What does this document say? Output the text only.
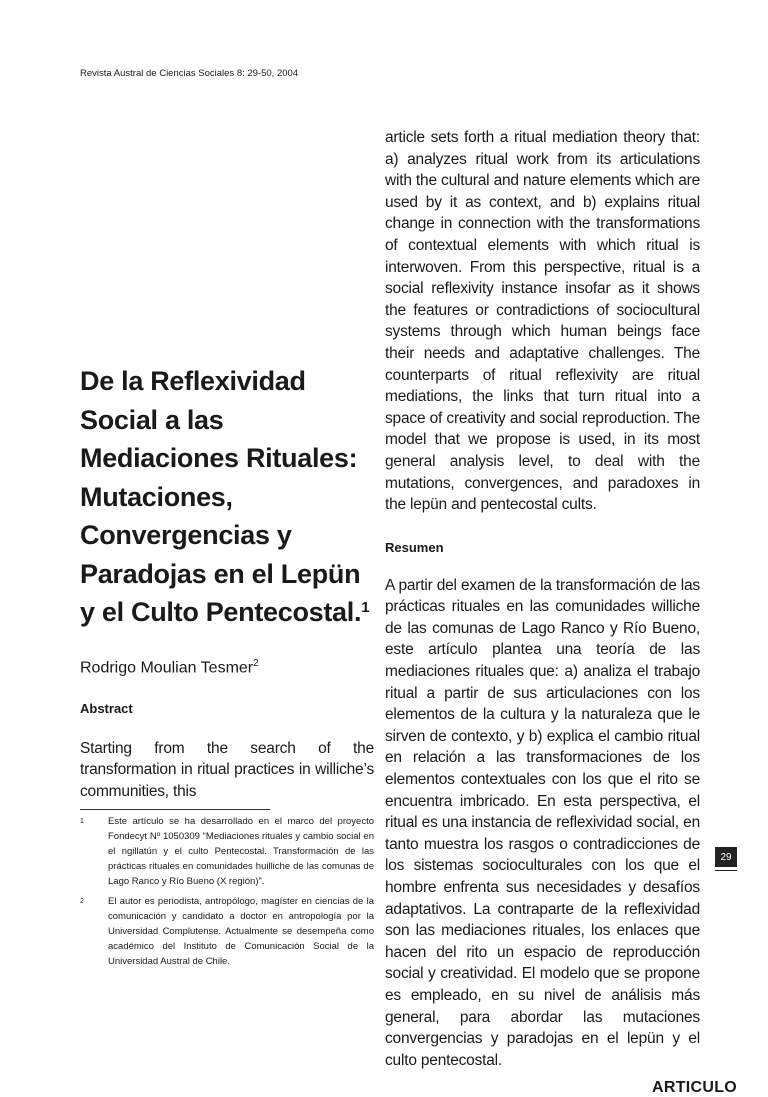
Revista Austral de Ciencias Sociales 8: 29-50, 2004
De la Reflexividad Social a las Mediaciones Rituales: Mutaciones, Convergencias y Paradojas en el Lepün y el Culto Pentecostal.$^1$
Rodrigo Moulian Tesmer$^2$
Abstract
Starting from the search of the transformation in ritual practices in williche’s communities, this
1	Este artículo se ha desarrollado en el marco del proyecto Fondecyt Nº 1050309 “Mediaciones rituales y cambio social en el ngillatún y el culto Pentecostal. Transformación de las prácticas rituales en comunidades huilliche de las comunas de Lago Ranco y Río Bueno (X región)”.
2	El autor es periodista, antropólogo, magíster en ciencias de la comunicación y candidato a doctor en antropología por la Universidad Complutense. Actualmente se desempeña como académico del Instituto de Comunicación Social de la Universidad Austral de Chile.
article sets forth a ritual mediation theory that: a) analyzes ritual work from its articulations with the cultural and nature elements which are used by it as context, and b) explains ritual change in connection with the transformations of contextual elements with which ritual is interwoven. From this perspective, ritual is a social reflexivity instance insofar as it shows the features or contradictions of sociocultural systems through which human beings face their needs and adaptative challenges. The counterparts of ritual reflexivity are ritual mediations, the links that turn ritual into a space of creativity and social reproduction. The model that we propose is used, in its most general analysis level, to deal with the mutations, convergences, and paradoxes in the lepün and pentecostal cults.
Resumen
A partir del examen de la transformación de las prácticas rituales en las comunidades williche de las comunas de Lago Ranco y Río Bueno, este artículo plantea una teoría de las mediaciones rituales que: a) analiza el trabajo ritual a partir de sus articulaciones con los elementos de la cultura y la naturaleza que le sirven de contexto, y b) explica el cambio ritual en relación a las transformaciones de los elementos contextuales con los que el rito se encuentra imbricado. En esta perspectiva, el ritual es una instancia de reflexividad social, en tanto muestra los rasgos o contradicciones de los sistemas socioculturales con los que el hombre enfrenta sus necesidades y desafíos adaptativos. La contraparte de la reflexividad son las mediaciones rituales, los enlaces que hacen del rito un espacio de reproducción social y creatividad. El modelo que se propone es empleado, en su nivel de análisis más general, para abordar las mutaciones convergencias y paradojas en el lepün y el culto pentecostal.
ARTICULO
29
